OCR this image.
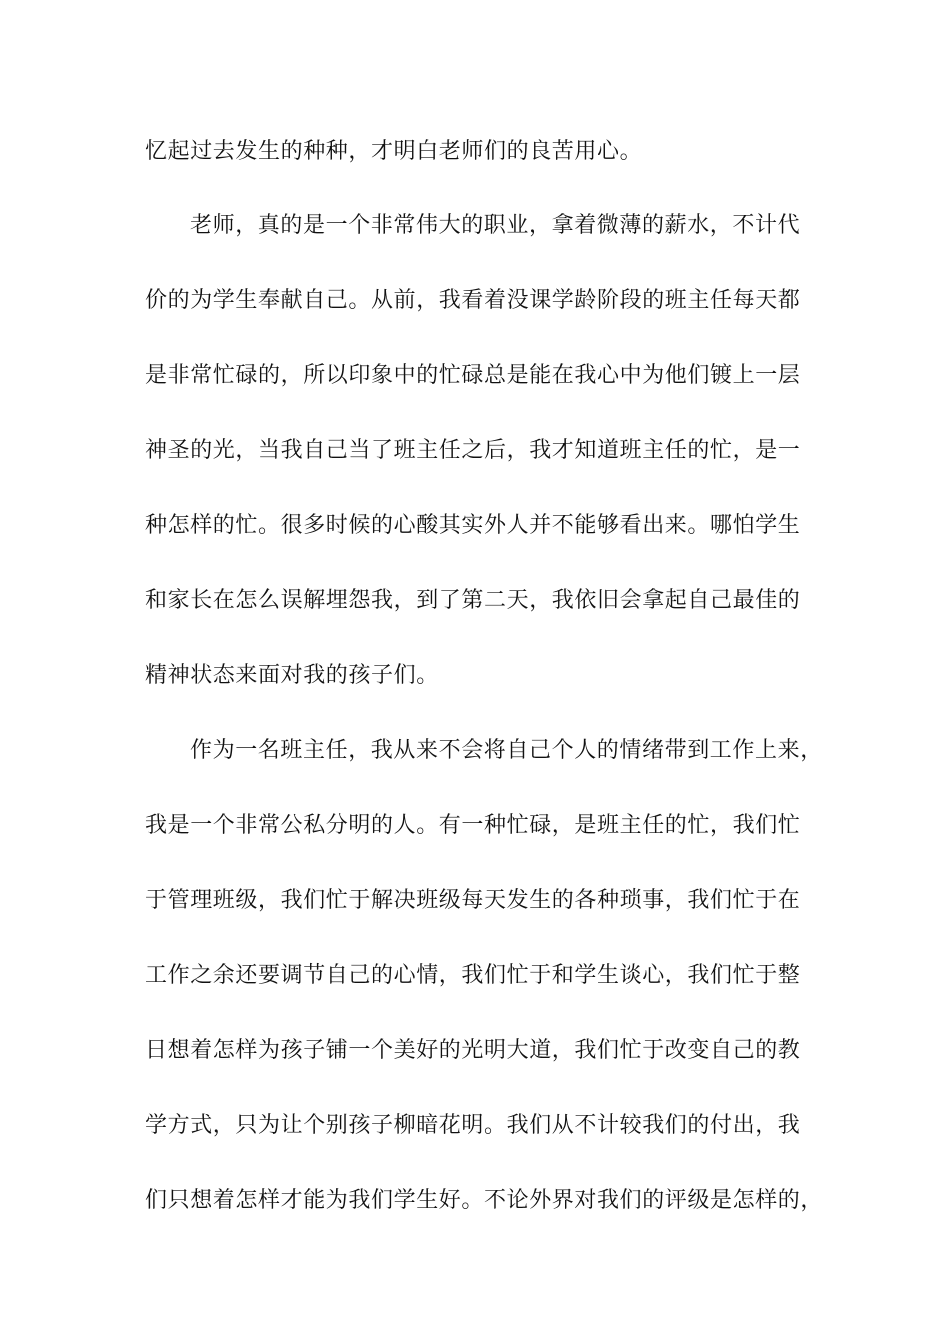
忆起过去发生的种种，才明白老师们的良苦用心。
老师，真的是一个非常伟大的职业，拿着微薄的薪水，不计代
价的为学生奉献自己。从前，我看着没课学龄阶段的班主任每天都
是非常忙碌的，所以印象中的忙碌总是能在我心中为他们镀上一层
神圣的光，当我自己当了班主任之后，我才知道班主任的忙，是一
种怎样的忙。很多时候的心酸其实外人并不能够看出来。哪怕学生
和家长在怎么误解埋怨我，到了第二天，我依旧会拿起自己最佳的
精神状态来面对我的孩子们。
作为一名班主任，我从来不会将自己个人的情绪带到工作上来，
我是一个非常公私分明的人。有一种忙碌，是班主任的忙，我们忙
于管理班级，我们忙于解决班级每天发生的各种琐事，我们忙于在
工作之余还要调节自己的心情，我们忙于和学生谈心，我们忙于整
日想着怎样为孩子铺一个美好的光明大道，我们忙于改变自己的教
学方式，只为让个别孩子柳暗花明。我们从不计较我们的付出，我
们只想着怎样才能为我们学生好。不论外界对我们的评级是怎样的，
